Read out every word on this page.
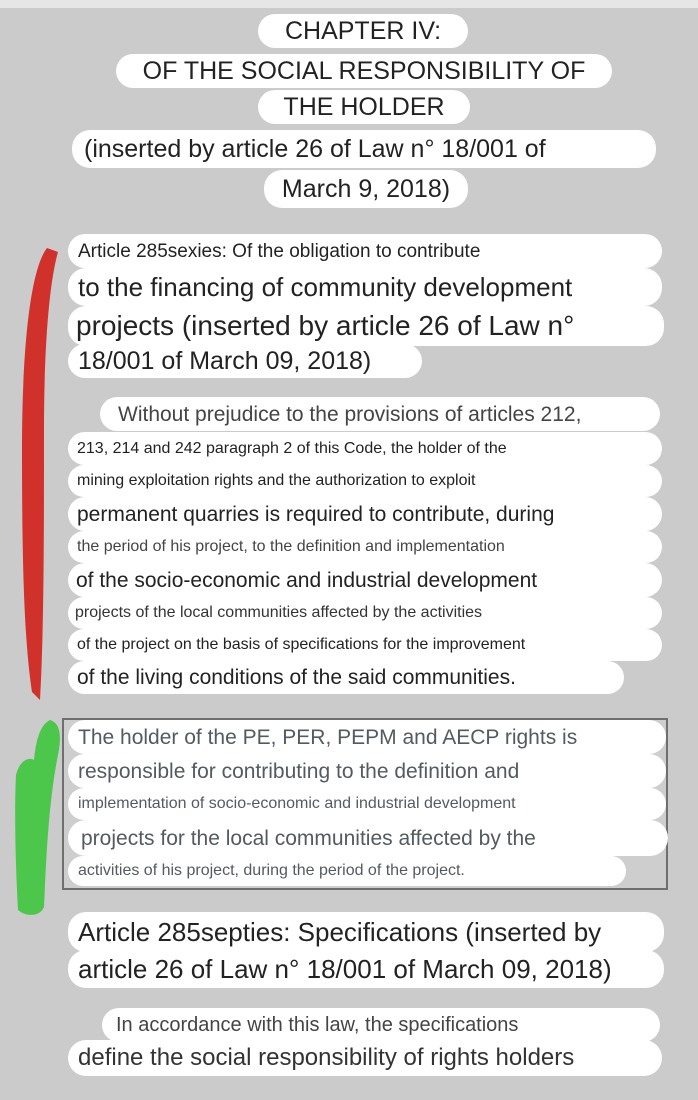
CHAPTER IV:
OF THE SOCIAL RESPONSIBILITY OF
THE HOLDER
(inserted by article 26 of Law n° 18/001 of
March 9, 2018)
Article 285sexies: Of the obligation to contribute
to the financing of community development
projects (inserted by article 26 of Law n°
18/001 of March 09, 2018)
Without prejudice to the provisions of articles 212,
213, 214 and 242 paragraph 2 of this Code, the holder of the
mining exploitation rights and the authorization to exploit
permanent quarries is required to contribute, during
the period of his project, to the definition and implementation
of the socio-economic and industrial development
projects of the local communities affected by the activities
of the project on the basis of specifications for the improvement
of the living conditions of the said communities.
The holder of the PE, PER, PEPM and AECP rights is
responsible for contributing to the definition and
implementation of socio-economic and industrial development
projects for the local communities affected by the
activities of his project, during the period of the project.
Article 285septies: Specifications (inserted by
article 26 of Law n° 18/001 of March 09, 2018)
In accordance with this law, the specifications
define the social responsibility of rights holders
